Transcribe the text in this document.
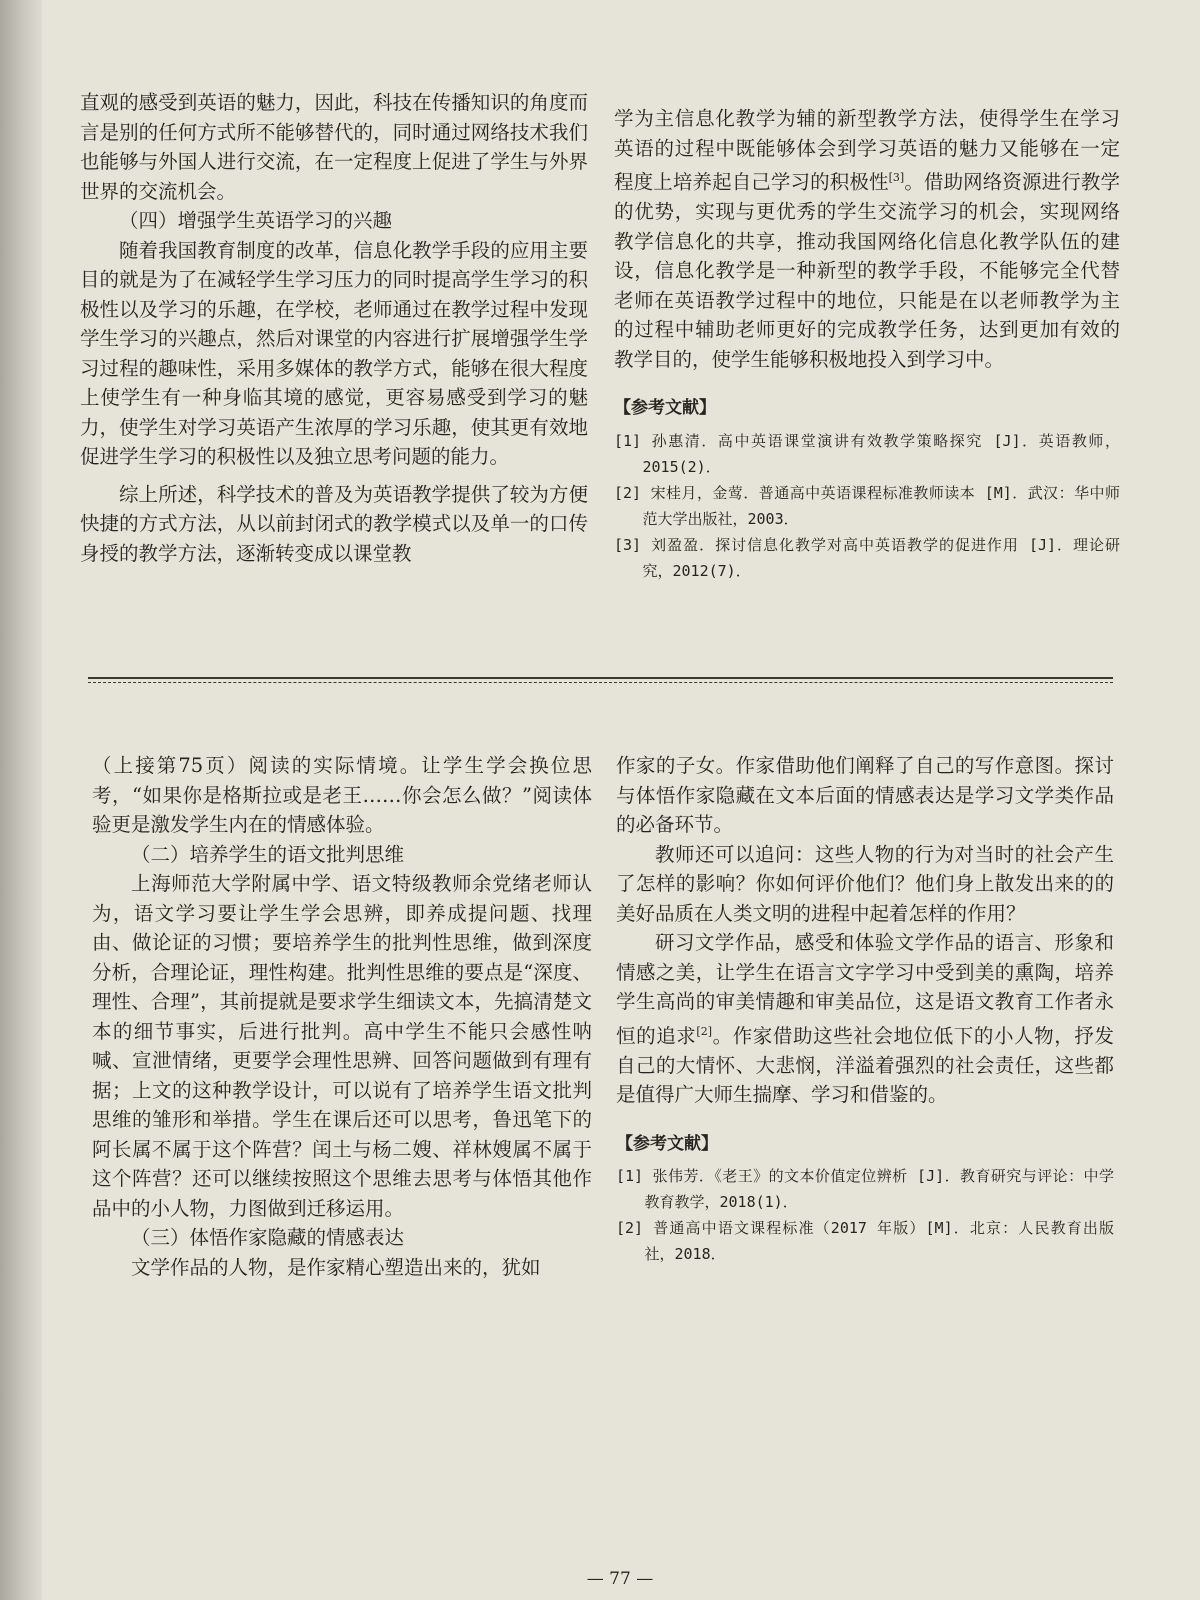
直观的感受到英语的魅力，因此，科技在传播知识的角度而言是别的任何方式所不能够替代的，同时通过网络技术我们也能够与外国人进行交流，在一定程度上促进了学生与外界世界的交流机会。

（四）增强学生英语学习的兴趣

随着我国教育制度的改革，信息化教学手段的应用主要目的就是为了在减轻学生学习压力的同时提高学生学习的积极性以及学习的乐趣，在学校，老师通过在教学过程中发现学生学习的兴趣点，然后对课堂的内容进行扩展增强学生学习过程的趣味性，采用多媒体的教学方式，能够在很大程度上使学生有一种身临其境的感觉，更容易感受到学习的魅力，使学生对学习英语产生浓厚的学习乐趣，使其更有效地促进学生学习的积极性以及独立思考问题的能力。

综上所述，科学技术的普及为英语教学提供了较为方便快捷的方式方法，从以前封闭式的教学模式以及单一的口传身授的教学方法，逐渐转变成以课堂教

学为主信息化教学为辅的新型教学方法，使得学生在学习英语的过程中既能够体会到学习英语的魅力又能够在一定程度上培养起自己学习的积极性[3]。借助网络资源进行教学的优势，实现与更优秀的学生交流学习的机会，实现网络教学信息化的共享，推动我国网络化信息化教学队伍的建设，信息化教学是一种新型的教学手段，不能够完全代替老师在英语教学过程中的地位，只能是在以老师教学为主的过程中辅助老师更好的完成教学任务，达到更加有效的教学目的，使学生能够积极地投入到学习中。

【参考文献】

[1] 孙惠清．高中英语课堂演讲有效教学策略探究 [J]．英语教师，2015(2)．

[2] 宋桂月，金莺．普通高中英语课程标准教师读本 [M]．武汉：华中师范大学出版社，2003．

[3] 刘盈盈．探讨信息化教学对高中英语教学的促进作用 [J]．理论研究，2012(7)．

（上接第75页）阅读的实际情境。让学生学会换位思考，“如果你是格斯拉或是老王……你会怎么做？”阅读体验更是激发学生内在的情感体验。

（二）培养学生的语文批判思维

上海师范大学附属中学、语文特级教师余党绪老师认为，语文学习要让学生学会思辨，即养成提问题、找理由、做论证的习惯；要培养学生的批判性思维，做到深度分析，合理论证，理性构建。批判性思维的要点是“深度、理性、合理”，其前提就是要求学生细读文本，先搞清楚文本的细节事实，后进行批判。高中学生不能只会感性呐喊、宣泄情绪，更要学会理性思辨、回答问题做到有理有据；上文的这种教学设计，可以说有了培养学生语文批判思维的雏形和举措。学生在课后还可以思考，鲁迅笔下的阿长属不属于这个阵营？闰土与杨二嫂、祥林嫂属不属于这个阵营？还可以继续按照这个思维去思考与体悟其他作品中的小人物，力图做到迁移运用。

（三）体悟作家隐藏的情感表达

文学作品的人物，是作家精心塑造出来的，犹如

作家的子女。作家借助他们阐释了自己的写作意图。探讨与体悟作家隐藏在文本后面的情感表达是学习文学类作品的必备环节。

教师还可以追问：这些人物的行为对当时的社会产生了怎样的影响？你如何评价他们？他们身上散发出来的的美好品质在人类文明的进程中起着怎样的作用？

研习文学作品，感受和体验文学作品的语言、形象和情感之美，让学生在语言文字学习中受到美的熏陶，培养学生高尚的审美情趣和审美品位，这是语文教育工作者永恒的追求[2]。作家借助这些社会地位低下的小人物，抒发自己的大情怀、大悲悯，洋溢着强烈的社会责任，这些都是值得广大师生揣摩、学习和借鉴的。

【参考文献】

[1] 张伟芳．《老王》的文本价值定位辨析 [J]．教育研究与评论：中学教育教学，2018(1)．

[2] 普通高中语文课程标准（2017 年版）[M]．北京：人民教育出版社，2018．

— 77 —
